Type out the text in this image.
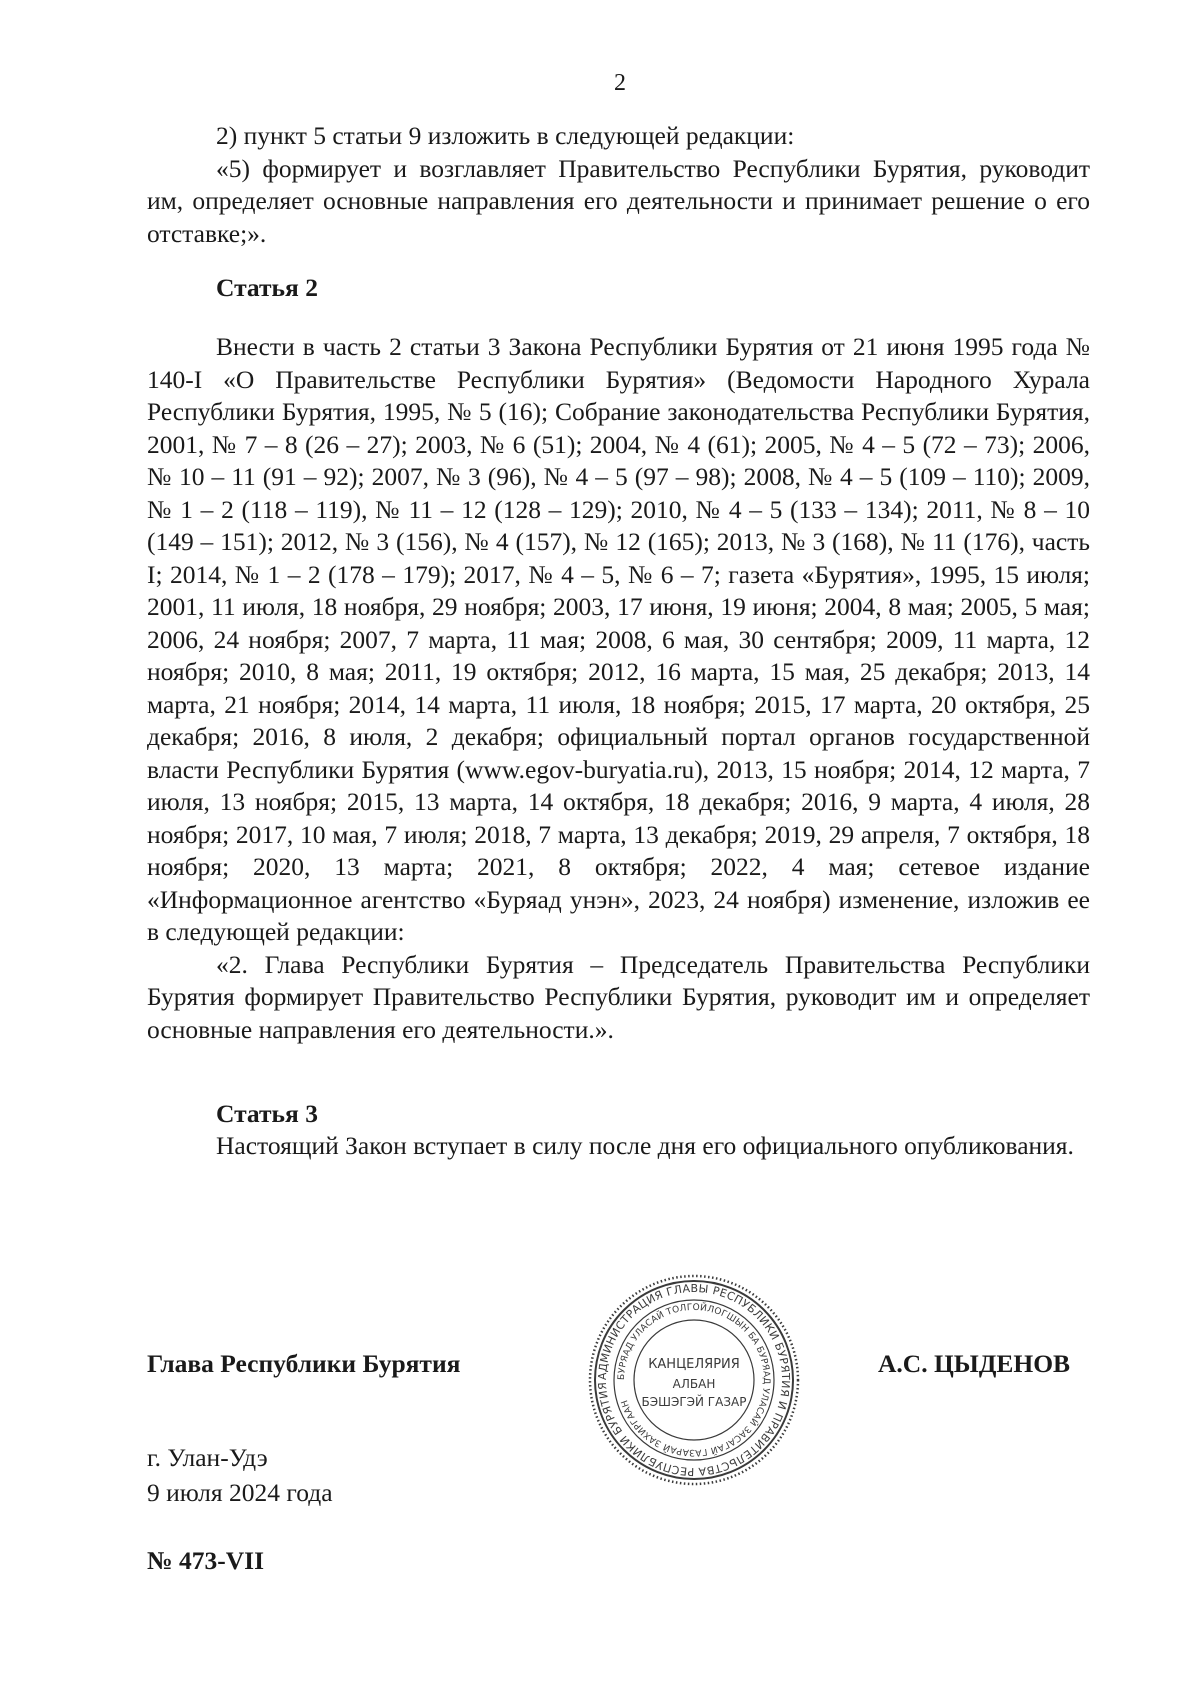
2

2) пункт 5 статьи 9 изложить в следующей редакции:

«5) формирует и возглавляет Правительство Республики Бурятия, руководит им, определяет основные направления его деятельности и принимает решение о его отставке;».

Статья 2

Внести в часть 2 статьи 3 Закона Республики Бурятия от 21 июня 1995 года № 140-I «О Правительстве Республики Бурятия» (Ведомости Народного Хурала Республики Бурятия, 1995, № 5 (16); Собрание законодательства Республики Бурятия, 2001, № 7 – 8 (26 – 27); 2003, № 6 (51); 2004, № 4 (61); 2005, № 4 – 5 (72 – 73); 2006, № 10 – 11 (91 – 92); 2007, № 3 (96), № 4 – 5 (97 – 98); 2008, № 4 – 5 (109 – 110); 2009, № 1 – 2 (118 – 119), № 11 – 12 (128 – 129); 2010, № 4 – 5 (133 – 134); 2011, № 8 – 10 (149 – 151); 2012, № 3 (156), № 4 (157), № 12 (165); 2013, № 3 (168), № 11 (176), часть I; 2014, № 1 – 2 (178 – 179); 2017, № 4 – 5, № 6 – 7; газета «Бурятия», 1995, 15 июля; 2001, 11 июля, 18 ноября, 29 ноября; 2003, 17 июня, 19 июня; 2004, 8 мая; 2005, 5 мая; 2006, 24 ноября; 2007, 7 марта, 11 мая; 2008, 6 мая, 30 сентября; 2009, 11 марта, 12 ноября; 2010, 8 мая; 2011, 19 октября; 2012, 16 марта, 15 мая, 25 декабря; 2013, 14 марта, 21 ноября; 2014, 14 марта, 11 июля, 18 ноября; 2015, 17 марта, 20 октября, 25 декабря; 2016, 8 июля, 2 декабря; официальный портал органов государственной власти Республики Бурятия (www.egov-buryatia.ru), 2013, 15 ноября; 2014, 12 марта, 7 июля, 13 ноября; 2015, 13 марта, 14 октября, 18 декабря; 2016, 9 марта, 4 июля, 28 ноября; 2017, 10 мая, 7 июля; 2018, 7 марта, 13 декабря; 2019, 29 апреля, 7 октября, 18 ноября; 2020, 13 марта; 2021, 8 октября; 2022, 4 мая; сетевое издание «Информационное агентство «Буряад унэн», 2023, 24 ноября) изменение, изложив ее в следующей редакции:

«2. Глава Республики Бурятия – Председатель Правительства Республики Бурятия формирует Правительство Республики Бурятия, руководит им и определяет основные направления его деятельности.».

Статья 3

Настоящий Закон вступает в силу после дня его официального опубликования.

Глава Республики Бурятия	А.С. ЦЫДЕНОВ
АДМИНИСТРАЦИЯ ГЛАВЫ РЕСПУБЛИКИ БУРЯТИЯ И ПРАВИТЕЛЬСТВА РЕСПУБЛИКИ БУРЯТИЯ
БУРЯАД УЛАСАЙ ТОЛГОЙЛОГШЫН БА БУРЯАД УЛАСАЙ ЗАСАГАЙ ГАЗАРАЙ ЗАХИРГААН
КАНЦЕЛЯРИЯ
АЛБАН
БЭШЭГЭЙ ГАЗАР
г. Улан-Удэ
9 июля 2024 года
№ 473-VII
